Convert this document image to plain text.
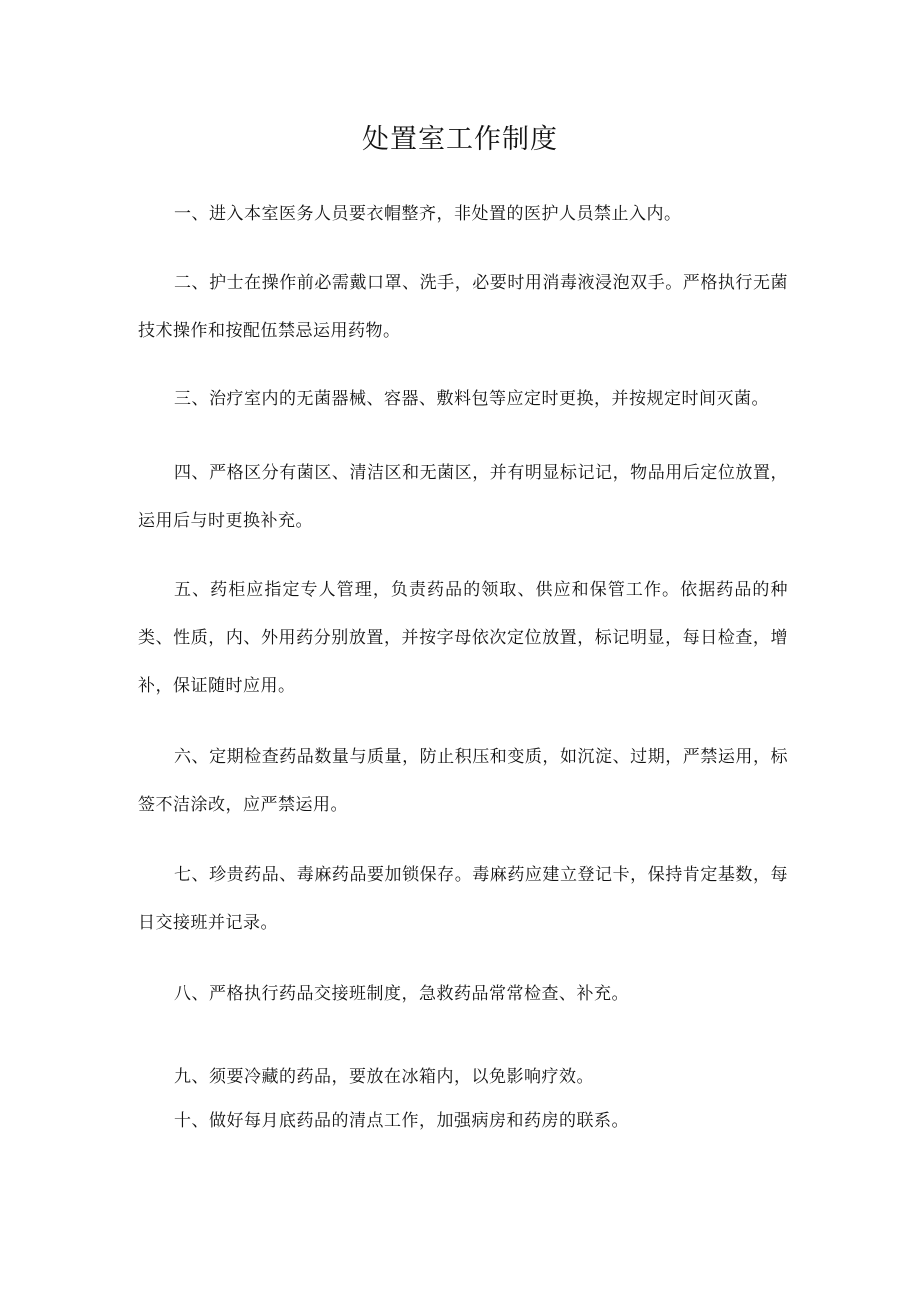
处置室工作制度

一、进入本室医务人员要衣帽整齐，非处置的医护人员禁止入内。

二、护士在操作前必需戴口罩、洗手，必要时用消毒液浸泡双手。严格执行无菌技术操作和按配伍禁忌运用药物。

三、治疗室内的无菌器械、容器、敷料包等应定时更换，并按规定时间灭菌。

四、严格区分有菌区、清洁区和无菌区，并有明显标记记，物品用后定位放置，运用后与时更换补充。

五、药柜应指定专人管理，负责药品的领取、供应和保管工作。依据药品的种类、性质，内、外用药分别放置，并按字母依次定位放置，标记明显，每日检查，增补，保证随时应用。

六、定期检查药品数量与质量，防止积压和变质，如沉淀、过期，严禁运用，标签不洁涂改，应严禁运用。

七、珍贵药品、毒麻药品要加锁保存。毒麻药应建立登记卡，保持肯定基数，每日交接班并记录。

八、严格执行药品交接班制度，急救药品常常检查、补充。

九、须要冷藏的药品，要放在冰箱内，以免影响疗效。

十、做好每月底药品的清点工作，加强病房和药房的联系。
